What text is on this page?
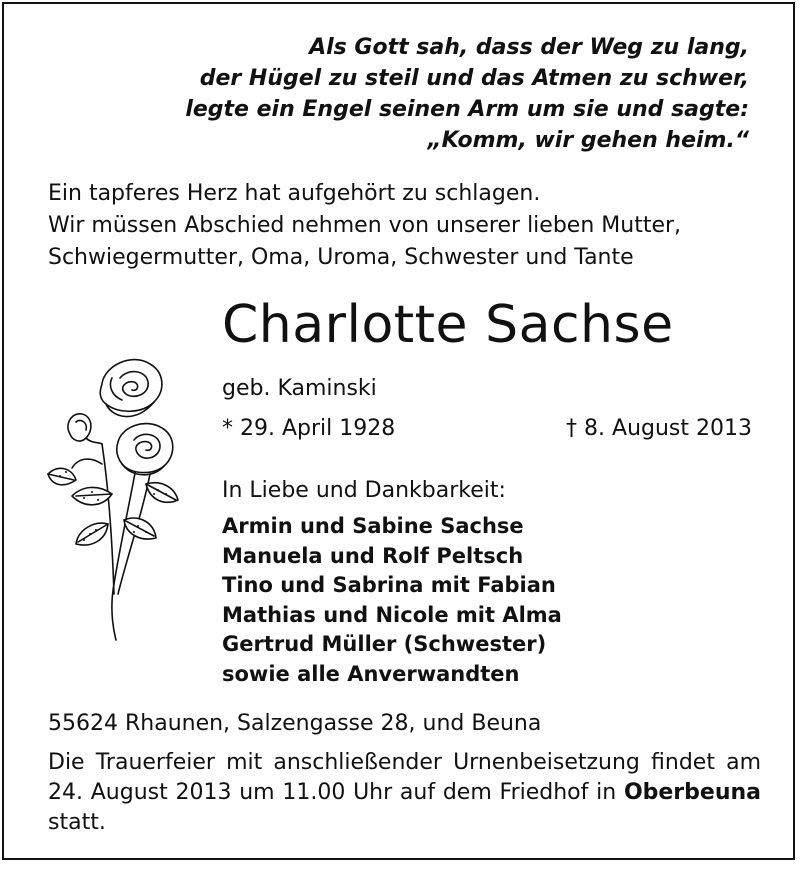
Als Gott sah, dass der Weg zu lang,
der Hügel zu steil und das Atmen zu schwer,
legte ein Engel seinen Arm um sie und sagte:
„Komm, wir gehen heim.“
Ein tapferes Herz hat aufgehört zu schlagen.
Wir müssen Abschied nehmen von unserer lieben Mutter,
Schwiegermutter, Oma, Uroma, Schwester und Tante
Charlotte Sachse
geb. Kaminski
* 29. April 1928	† 8. August 2013
In Liebe und Dankbarkeit:
Armin und Sabine Sachse
Manuela und Rolf Peltsch
Tino und Sabrina mit Fabian
Mathias und Nicole mit Alma
Gertrud Müller (Schwester)
sowie alle Anverwandten
55624 Rhaunen, Salzengasse 28, und Beuna
Die Trauerfeier mit anschließender Urnenbeisetzung findet am 24. August 2013 um 11.00 Uhr auf dem Friedhof in Oberbeuna statt.
